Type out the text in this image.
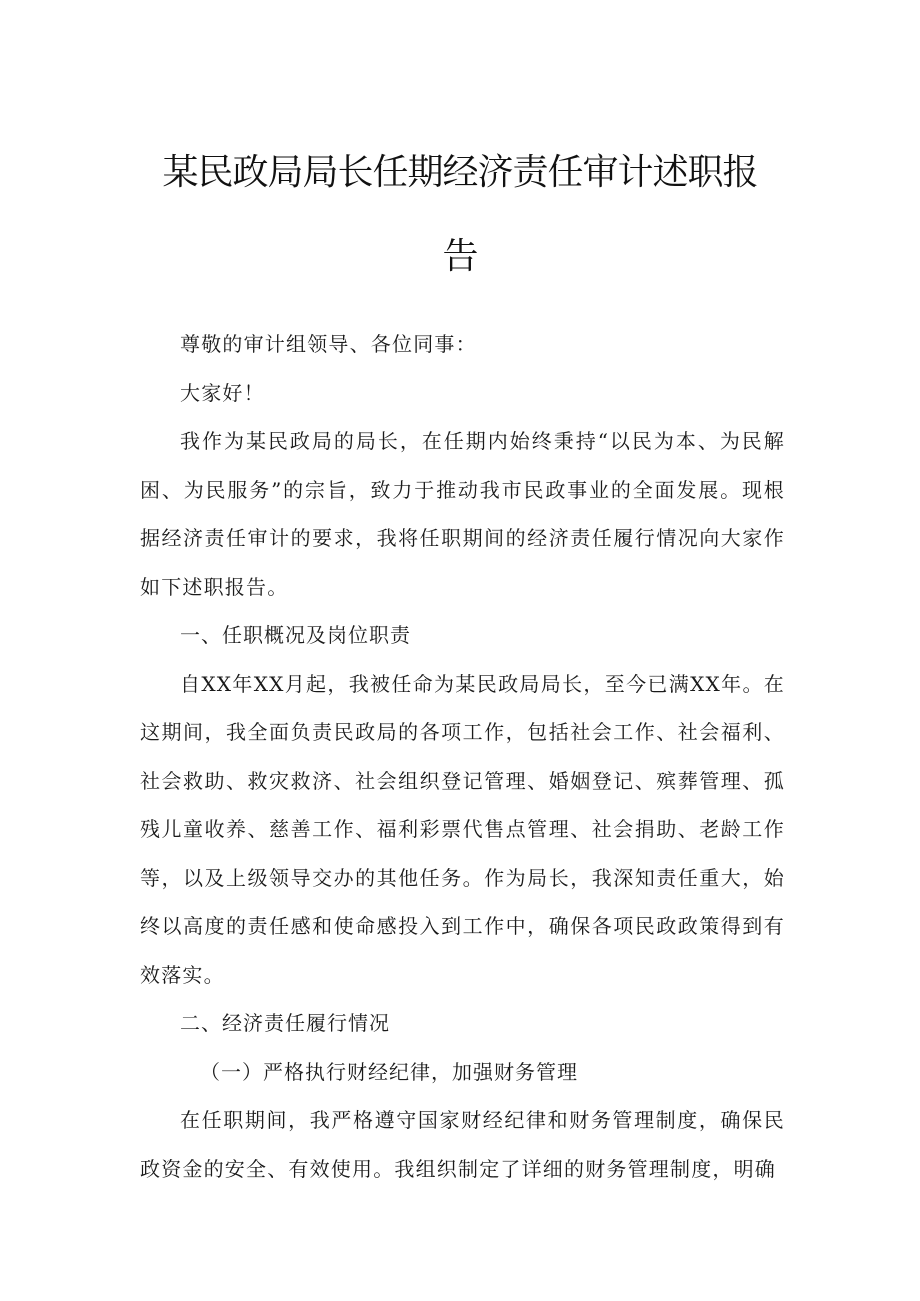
某民政局局长任期经济责任审计述职报
告

尊敬的审计组领导、各位同事：

大家好！

我作为某民政局的局长，在任期内始终秉持“以民为本、为民解困、为民服务”的宗旨，致力于推动我市民政事业的全面发展。现根据经济责任审计的要求，我将任职期间的经济责任履行情况向大家作如下述职报告。

一、任职概况及岗位职责

自XX年XX月起，我被任命为某民政局局长，至今已满XX年。在这期间，我全面负责民政局的各项工作，包括社会工作、社会福利、社会救助、救灾救济、社会组织登记管理、婚姻登记、殡葬管理、孤残儿童收养、慈善工作、福利彩票代售点管理、社会捐助、老龄工作等，以及上级领导交办的其他任务。作为局长，我深知责任重大，始终以高度的责任感和使命感投入到工作中，确保各项民政政策得到有效落实。

二、经济责任履行情况

（一）严格执行财经纪律，加强财务管理

在任职期间，我严格遵守国家财经纪律和财务管理制度，确保民政资金的安全、有效使用。我组织制定了详细的财务管理制度，明确
